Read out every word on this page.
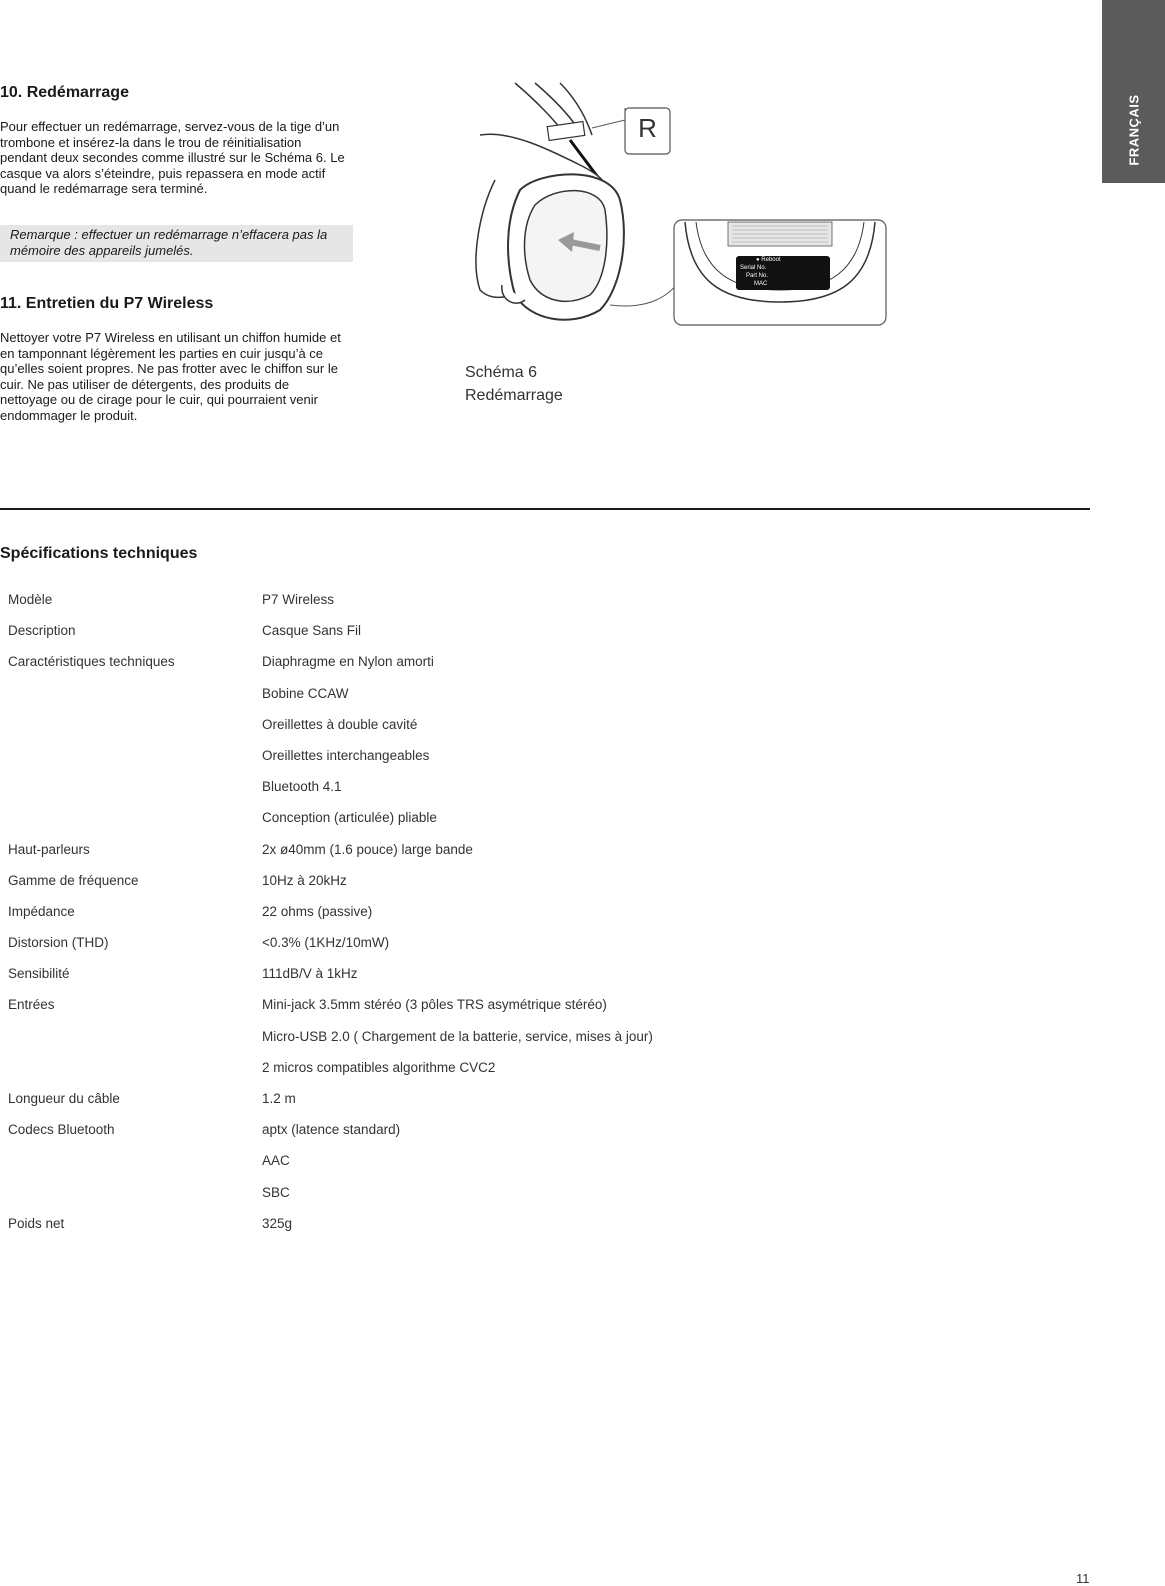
FRANÇAIS
10. Redémarrage

Pour effectuer un redémarrage, servez-vous de la tige d’un trombone et insérez-la dans le trou de réinitialisation pendant deux secondes comme illustré sur le Schéma 6. Le casque va alors s’éteindre, puis repassera en mode actif quand le redémarrage sera terminé.

Remarque : effectuer un redémarrage n’effacera pas la mémoire des appareils jumelés.
11. Entretien du P7 Wireless

Nettoyer votre P7 Wireless en utilisant un chiffon humide et en tamponnant légèrement les parties en cuir jusqu’à ce qu’elles soient propres. Ne pas frotter avec le chiffon sur le cuir. Ne pas utiliser de détergents, des produits de nettoyage ou de cirage pour le cuir, qui pourraient venir endommager le produit.

R
● Reboot
Serial No.
Part No.
MAC
Schéma 6
Redémarrage
Spécifications techniques
Modèle	P7 Wireless
Description	Casque Sans Fil
Caractéristiques techniques	Diaphragme en Nylon amorti
Bobine CCAW
Oreillettes à double cavité
Oreillettes interchangeables
Bluetooth 4.1
Conception (articulée) pliable
Haut-parleurs	2x ø40mm (1.6 pouce) large bande
Gamme de fréquence	10Hz à 20kHz
Impédance	22 ohms (passive)
Distorsion (THD)	<0.3% (1KHz/10mW)
Sensibilité	111dB/V à 1kHz
Entrées	Mini-jack 3.5mm stéréo (3 pôles TRS asymétrique stéréo)
Micro-USB 2.0 ( Chargement de la batterie, service, mises à jour)
2 micros compatibles algorithme CVC2
Longueur du câble	1.2 m
Codecs Bluetooth	aptx (latence standard)
AAC
SBC
Poids net	325g
11
